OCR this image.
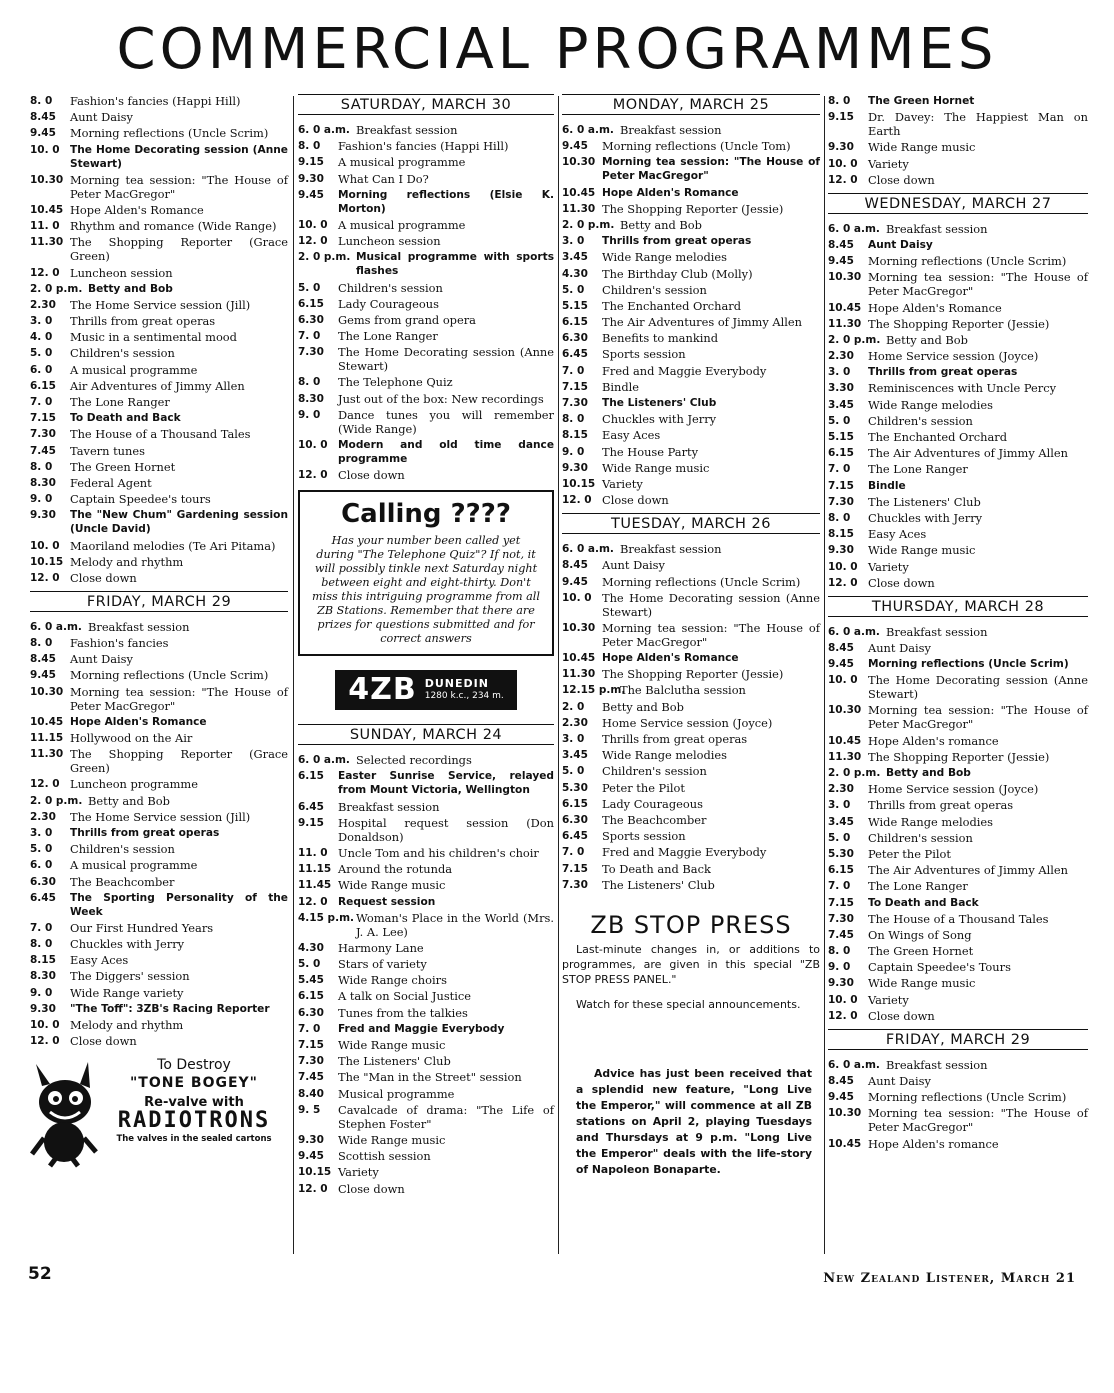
COMMERCIAL PROGRAMMES
8. 0	Fashion's fancies (Happi Hill)
8.45	Aunt Daisy
9.45	Morning reflections (Uncle Scrim)
10. 0 The Home Decorating session (Anne Stewart)
10.30 Morning tea session: "The House of Peter MacGregor"
10.45 Hope Alden's Romance
11. 0 Rhythm and romance (Wide Range)
11.30 The Shopping Reporter (Grace Green)
12. 0 Luncheon session
2. 0 p.m. Betty and Bob
2.30	The Home Service session (Jill)
3. 0	Thrills from great operas
4. 0	Music in a sentimental mood
5. 0	Children's session
6. 0	A musical programme
6.15	Air Adventures of Jimmy Allen
7. 0	The Lone Ranger
7.15	To Death and Back
7.30	The House of a Thousand Tales
7.45	Tavern tunes
8. 0	The Green Hornet
8.30	Federal Agent
9. 0	Captain Speedee's tours
9.30	The "New Chum" Gardening session (Uncle David)
10. 0 Maoriland melodies (Te Ari Pitama)
10.15 Melody and rhythm
12. 0 Close down
FRIDAY, MARCH 29
6. 0 a.m. Breakfast session
8. 0	Fashion's fancies
8.45	Aunt Daisy
9.45	Morning reflections (Uncle Scrim)
10.30 Morning tea session: "The House of Peter MacGregor"
10.45 Hope Alden's Romance
11.15 Hollywood on the Air
11.30 The Shopping Reporter (Grace Green)
12. 0 Luncheon programme
2. 0 p.m. Betty and Bob
2.30	The Home Service session (Jill)
3. 0	Thrills from great operas
5. 0	Children's session
6. 0	A musical programme
6.30	The Beachcomber
6.45	The Sporting Personality of the Week
7. 0	Our First Hundred Years
8. 0	Chuckles with Jerry
8.15	Easy Aces
8.30	The Diggers' session
9. 0	Wide Range variety
9.30	"The Toff": 3ZB's Racing Reporter
10. 0 Melody and rhythm
12. 0 Close down
To Destroy
"TONE BOGEY"
Re-valve with
RADIOTRONS
The valves in the sealed cartons
SATURDAY, MARCH 30
6. 0 a.m. Breakfast session
8. 0	Fashion's fancies (Happi Hill)
9.15	A musical programme
9.30	What Can I Do?
9.45	Morning reflections (Elsie K. Morton)
10. 0 A musical programme
12. 0 Luncheon session
2. 0 p.m. Musical programme with sports flashes
5. 0	Children's session
6.15	Lady Courageous
6.30	Gems from grand opera
7. 0	The Lone Ranger
7.30	The Home Decorating session (Anne Stewart)
8. 0	The Telephone Quiz
8.30	Just out of the box: New recordings
9. 0	Dance tunes you will remember (Wide Range)
10. 0 Modern and old time dance programme
12. 0 Close down
Calling ????
Has your number been called yet during "The Telephone Quiz"? If not, it will possibly tinkle next Saturday night between eight and eight-thirty. Don't miss this intriguing programme from all ZB Stations. Remember that there are prizes for questions submitted and for correct answers
4ZB DUNEDIN
1280 k.c., 234 m.
SUNDAY, MARCH 24
6. 0 a.m. Selected recordings
6.15	Easter Sunrise Service, relayed from Mount Victoria, Wellington
6.45	Breakfast session
9.15	Hospital request session (Don Donaldson)
11. 0 Uncle Tom and his children's choir
11.15 Around the rotunda
11.45 Wide Range music
12. 0 Request session
4.15 p.m. Woman's Place in the World (Mrs. J. A. Lee)
4.30	Harmony Lane
5. 0	Stars of variety
5.45	Wide Range choirs
6.15	A talk on Social Justice
6.30	Tunes from the talkies
7. 0	Fred and Maggie Everybody
7.15	Wide Range music
7.30	The Listeners' Club
7.45	The "Man in the Street" session
8.40	Musical programme
9. 5	Cavalcade of drama: "The Life of Stephen Foster"
9.30	Wide Range music
9.45	Scottish session
10.15 Variety
12. 0 Close down
MONDAY, MARCH 25
6. 0 a.m. Breakfast session
9.45	Morning reflections (Uncle Tom)
10.30 Morning tea session: "The House of Peter MacGregor"
10.45 Hope Alden's Romance
11.30 The Shopping Reporter (Jessie)
2. 0 p.m. Betty and Bob
3. 0	Thrills from great operas
3.45	Wide Range melodies
4.30	The Birthday Club (Molly)
5. 0	Children's session
5.15	The Enchanted Orchard
6.15	The Air Adventures of Jimmy Allen
6.30	Benefits to mankind
6.45	Sports session
7. 0	Fred and Maggie Everybody
7.15	Bindle
7.30	The Listeners' Club
8. 0	Chuckles with Jerry
8.15	Easy Aces
9. 0	The House Party
9.30	Wide Range music
10.15 Variety
12. 0 Close down
TUESDAY, MARCH 26
6. 0 a.m. Breakfast session
8.45	Aunt Daisy
9.45	Morning reflections (Uncle Scrim)
10. 0 The Home Decorating session (Anne Stewart)
10.30 Morning tea session: "The House of Peter MacGregor"
10.45 Hope Alden's Romance
11.30 The Shopping Reporter (Jessie)
12.15 p.m.
The Balclutha session
2. 0	Betty and Bob
2.30	Home Service session (Joyce)
3. 0	Thrills from great operas
3.45	Wide Range melodies
5. 0	Children's session
5.30	Peter the Pilot
6.15	Lady Courageous
6.30	The Beachcomber
6.45	Sports session
7. 0	Fred and Maggie Everybody
7.15	To Death and Back
7.30	The Listeners' Club
ZB STOP PRESS
Last-minute changes in, or additions to programmes, are given in this special "ZB STOP PRESS PANEL."
Watch for these special announcements.
Advice has just been received that a splendid new feature, "Long Live the Emperor," will commence at all ZB stations on April 2, playing Tuesdays and Thursdays at 9 p.m. "Long Live the Emperor" deals with the life-story of Napoleon Bonaparte.
8. 0	The Green Hornet
9.15	Dr. Davey: The Happiest Man on Earth
9.30	Wide Range music
10. 0 Variety
12. 0 Close down
WEDNESDAY, MARCH 27
6. 0 a.m. Breakfast session
8.45	Aunt Daisy
9.45	Morning reflections (Uncle Scrim)
10.30 Morning tea session: "The House of Peter MacGregor"
10.45 Hope Alden's Romance
11.30 The Shopping Reporter (Jessie)
2. 0 p.m. Betty and Bob
2.30	Home Service session (Joyce)
3. 0	Thrills from great operas
3.30	Reminiscences with Uncle Percy
3.45	Wide Range melodies
5. 0	Children's session
5.15	The Enchanted Orchard
6.15	The Air Adventures of Jimmy Allen
7. 0	The Lone Ranger
7.15	Bindle
7.30	The Listeners' Club
8. 0	Chuckles with Jerry
8.15	Easy Aces
9.30	Wide Range music
10. 0 Variety
12. 0 Close down
THURSDAY, MARCH 28
6. 0 a.m. Breakfast session
8.45	Aunt Daisy
9.45	Morning reflections (Uncle Scrim)
10. 0 The Home Decorating session (Anne Stewart)
10.30 Morning tea session: "The House of Peter MacGregor"
10.45 Hope Alden's romance
11.30 The Shopping Reporter (Jessie)
2. 0 p.m. Betty and Bob
2.30	Home Service session (Joyce)
3. 0	Thrills from great operas
3.45	Wide Range melodies
5. 0	Children's session
5.30	Peter the Pilot
6.15	The Air Adventures of Jimmy Allen
7. 0	The Lone Ranger
7.15	To Death and Back
7.30	The House of a Thousand Tales
7.45	On Wings of Song
8. 0	The Green Hornet
9. 0	Captain Speedee's Tours
9.30	Wide Range music
10. 0 Variety
12. 0 Close down
FRIDAY, MARCH 29
6. 0 a.m. Breakfast session
8.45	Aunt Daisy
9.45	Morning reflections (Uncle Scrim)
10.30 Morning tea session: "The House of Peter MacGregor"
10.45 Hope Alden's romance
52	New Zealand Listener, March 21
